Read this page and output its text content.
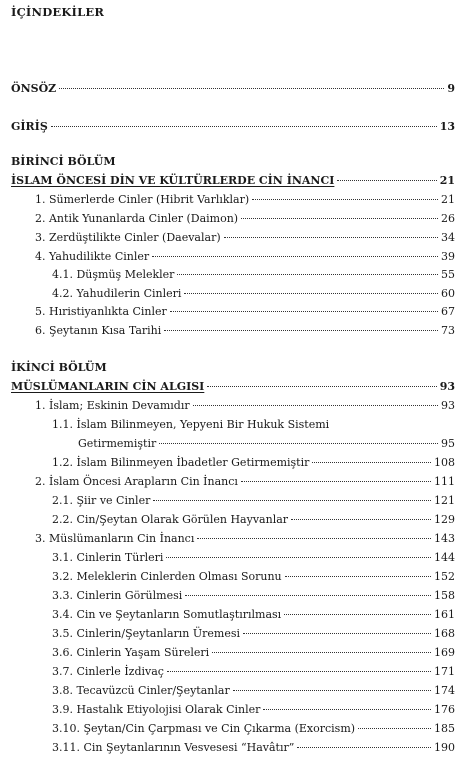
İÇİNDEKİLER
ÖNSÖZ	9
GİRİŞ	13
BİRİNCİ BÖLÜM
İSLAM ÖNCESİ DİN VE KÜLTÜRLERDE CİN İNANCI	21
1. Sümerlerde Cinler (Hibrit Varlıklar)	21
2. Antik Yunanlarda Cinler (Daimon)	26
3. Zerdüştilikte Cinler (Daevalar)	34
4. Yahudilikte Cinler	39
4.1. Düşmüş Melekler	55
4.2. Yahudilerin Cinleri	60
5. Hıristiyanlıkta Cinler	67
6. Şeytanın Kısa Tarihi	73
İKİNCİ BÖLÜM
MÜSLÜMANLARIN CİN ALGISI	93
1. İslam; Eskinin Devamıdır	93
1.1. İslam Bilinmeyen, Yepyeni Bir Hukuk Sistemi
Getirmemiştir	95
1.2. İslam Bilinmeyen İbadetler Getirmemiştir	108
2. İslam Öncesi Arapların Cin İnancı	111
2.1. Şiir ve Cinler	121
2.2. Cin/Şeytan Olarak Görülen Hayvanlar	129
3. Müslümanların Cin İnancı	143
3.1. Cinlerin Türleri	144
3.2. Meleklerin Cinlerden Olması Sorunu	152
3.3. Cinlerin Görülmesi	158
3.4. Cin ve Şeytanların Somutlaştırılması	161
3.5. Cinlerin/Şeytanların Üremesi	168
3.6. Cinlerin Yaşam Süreleri	169
3.7. Cinlerle İzdivaç	171
3.8. Tecavüzcü Cinler/Şeytanlar	174
3.9. Hastalık Etiyolojisi Olarak Cinler	176
3.10. Şeytan/Cin Çarpması ve Cin Çıkarma (Exorcism)	185
3.11. Cin Şeytanlarının Vesvesesi “Havâtır”	190
